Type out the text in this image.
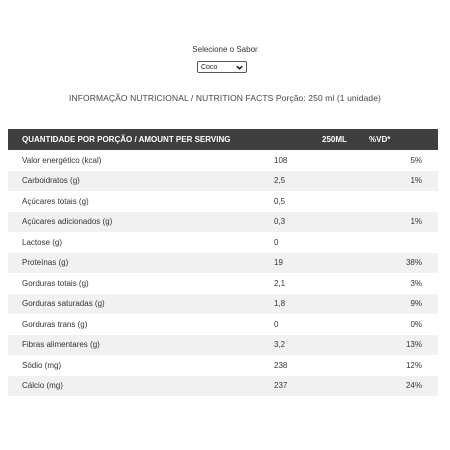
Selecione o Sabor
Coco
INFORMAÇÃO NUTRICIONAL / NUTRITION FACTS Porção: 250 ml (1 unidade)
QUANTIDADE POR PORÇÃO / AMOUNT PER SERVING	250ML	%VD*
Valor energético (kcal)	108	5%
Carboidratos (g)	2,5	1%
Açúcares totais (g)	0,5	
Açúcares adicionados (g)	0,3	1%
Lactose (g)	0	
Proteínas (g)	19	38%
Gorduras totais (g)	2,1	3%
Gorduras saturadas (g)	1,8	9%
Gorduras trans (g)	0	0%
Fibras alimentares (g)	3,2	13%
Sódio (mg)	238	12%
Cálcio (mg)	237	24%
